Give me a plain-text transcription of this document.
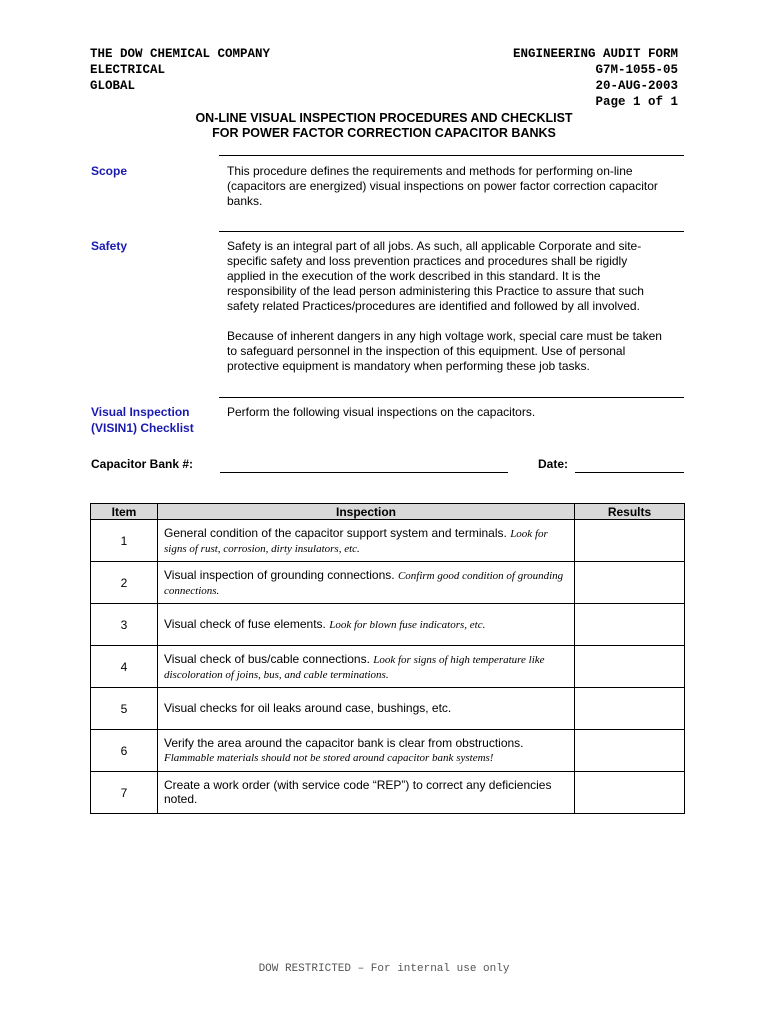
THE DOW CHEMICAL COMPANY
ELECTRICAL
GLOBAL
ENGINEERING AUDIT FORM
G7M-1055-05
20-AUG-2003
Page 1 of 1
ON-LINE VISUAL INSPECTION PROCEDURES AND CHECKLIST
FOR POWER FACTOR CORRECTION CAPACITOR BANKS
Scope	This procedure defines the requirements and methods for performing on-line (capacitors are energized) visual inspections on power factor correction capacitor banks.
Safety	Safety is an integral part of all jobs. As such, all applicable Corporate and site-specific safety and loss prevention practices and procedures shall be rigidly applied in the execution of the work described in this standard. It is the responsibility of the lead person administering this Practice to assure that such safety related Practices/procedures are identified and followed by all involved.

Because of inherent dangers in any high voltage work, special care must be taken to safeguard personnel in the inspection of this equipment. Use of personal protective equipment is mandatory when performing these job tasks.

Visual Inspection
(VISIN1) Checklist
Perform the following visual inspections on the capacitors.
Capacitor Bank #:	Date:
Item	Inspection	Results
1	General condition of the capacitor support system and terminals. Look for signs of rust, corrosion, dirty insulators, etc.	
2	Visual inspection of grounding connections. Confirm good condition of grounding connections.	
3	Visual check of fuse elements. Look for blown fuse indicators, etc.	
4	Visual check of bus/cable connections. Look for signs of high temperature like discoloration of joins, bus, and cable terminations.	
5	Visual checks for oil leaks around case, bushings, etc.	
6	Verify the area around the capacitor bank is clear from obstructions. Flammable materials should not be stored around capacitor bank systems!	
7	Create a work order (with service code “REP”) to correct any deficiencies noted.	
DOW RESTRICTED – For internal use only
